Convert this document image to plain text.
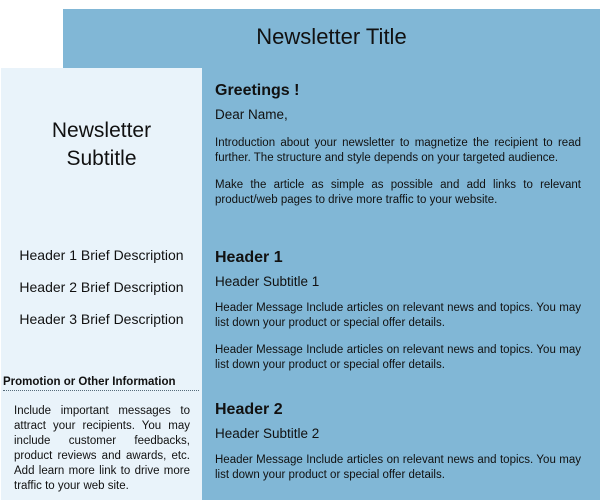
Newsletter Title
Newsletter
Subtitle
Header 1 Brief Description
Header 2 Brief Description
Header 3 Brief Description
Promotion or Other Information
Include important messages to attract your recipients. You may include customer feedbacks, product reviews and awards, etc. Add learn more link to drive more traffic to your web site.

Greetings !

Dear Name,

Introduction about your newsletter to magnetize the recipient to read further. The structure and style depends on your targeted audience.

Make the article as simple as possible and add links to relevant product/web pages to drive more traffic to your website.

Header 1

Header Subtitle 1

Header Message Include articles on relevant news and topics. You may list down your product or special offer details.

Header Message Include articles on relevant news and topics. You may list down your product or special offer details.

Header 2

Header Subtitle 2

Header Message Include articles on relevant news and topics. You may list down your product or special offer details.
